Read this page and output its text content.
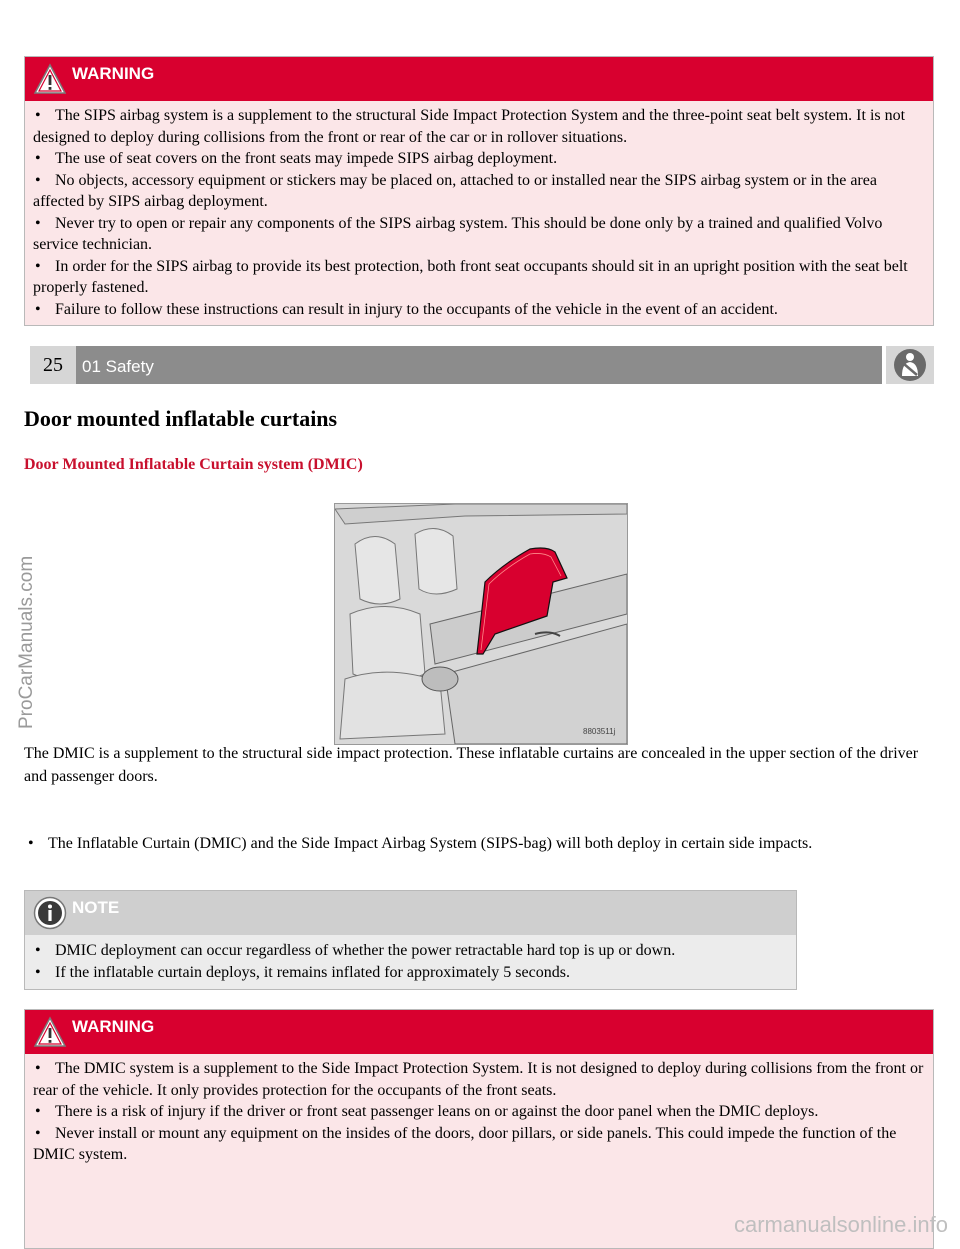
WARNING
• The SIPS airbag system is a supplement to the structural Side Impact Protection System and the three-point seat belt system. It is not designed to deploy during collisions from the front or rear of the car or in rollover situations.
• The use of seat covers on the front seats may impede SIPS airbag deployment.
• No objects, accessory equipment or stickers may be placed on, attached to or installed near the SIPS airbag system or in the area affected by SIPS airbag deployment.
• Never try to open or repair any components of the SIPS airbag system. This should be done only by a trained and qualified Volvo service technician.
• In order for the SIPS airbag to provide its best protection, both front seat occupants should sit in an upright position with the seat belt properly fastened.
• Failure to follow these instructions can result in injury to the occupants of the vehicle in the event of an accident.
25	01 Safety
Door mounted inflatable curtains
Door Mounted Inflatable Curtain system (DMIC)
8803511j

The DMIC is a supplement to the structural side impact protection. These inflatable curtains are concealed in the upper section of the driver and passenger doors.

• The Inflatable Curtain (DMIC) and the Side Impact Airbag System (SIPS-bag) will both deploy in certain side impacts.

NOTE
• DMIC deployment can occur regardless of whether the power retractable hard top is up or down.
• If the inflatable curtain deploys, it remains inflated for approximately 5 seconds.
WARNING
• The DMIC system is a supplement to the Side Impact Protection System. It is not designed to deploy during collisions from the front or rear of the vehicle. It only provides protection for the occupants of the front seats.
• There is a risk of injury if the driver or front seat passenger leans on or against the door panel when the DMIC deploys.
• Never install or mount any equipment on the insides of the doors, door pillars, or side panels. This could impede the function of the DMIC system.
ProCarManuals.com
carmanualsonline.info
